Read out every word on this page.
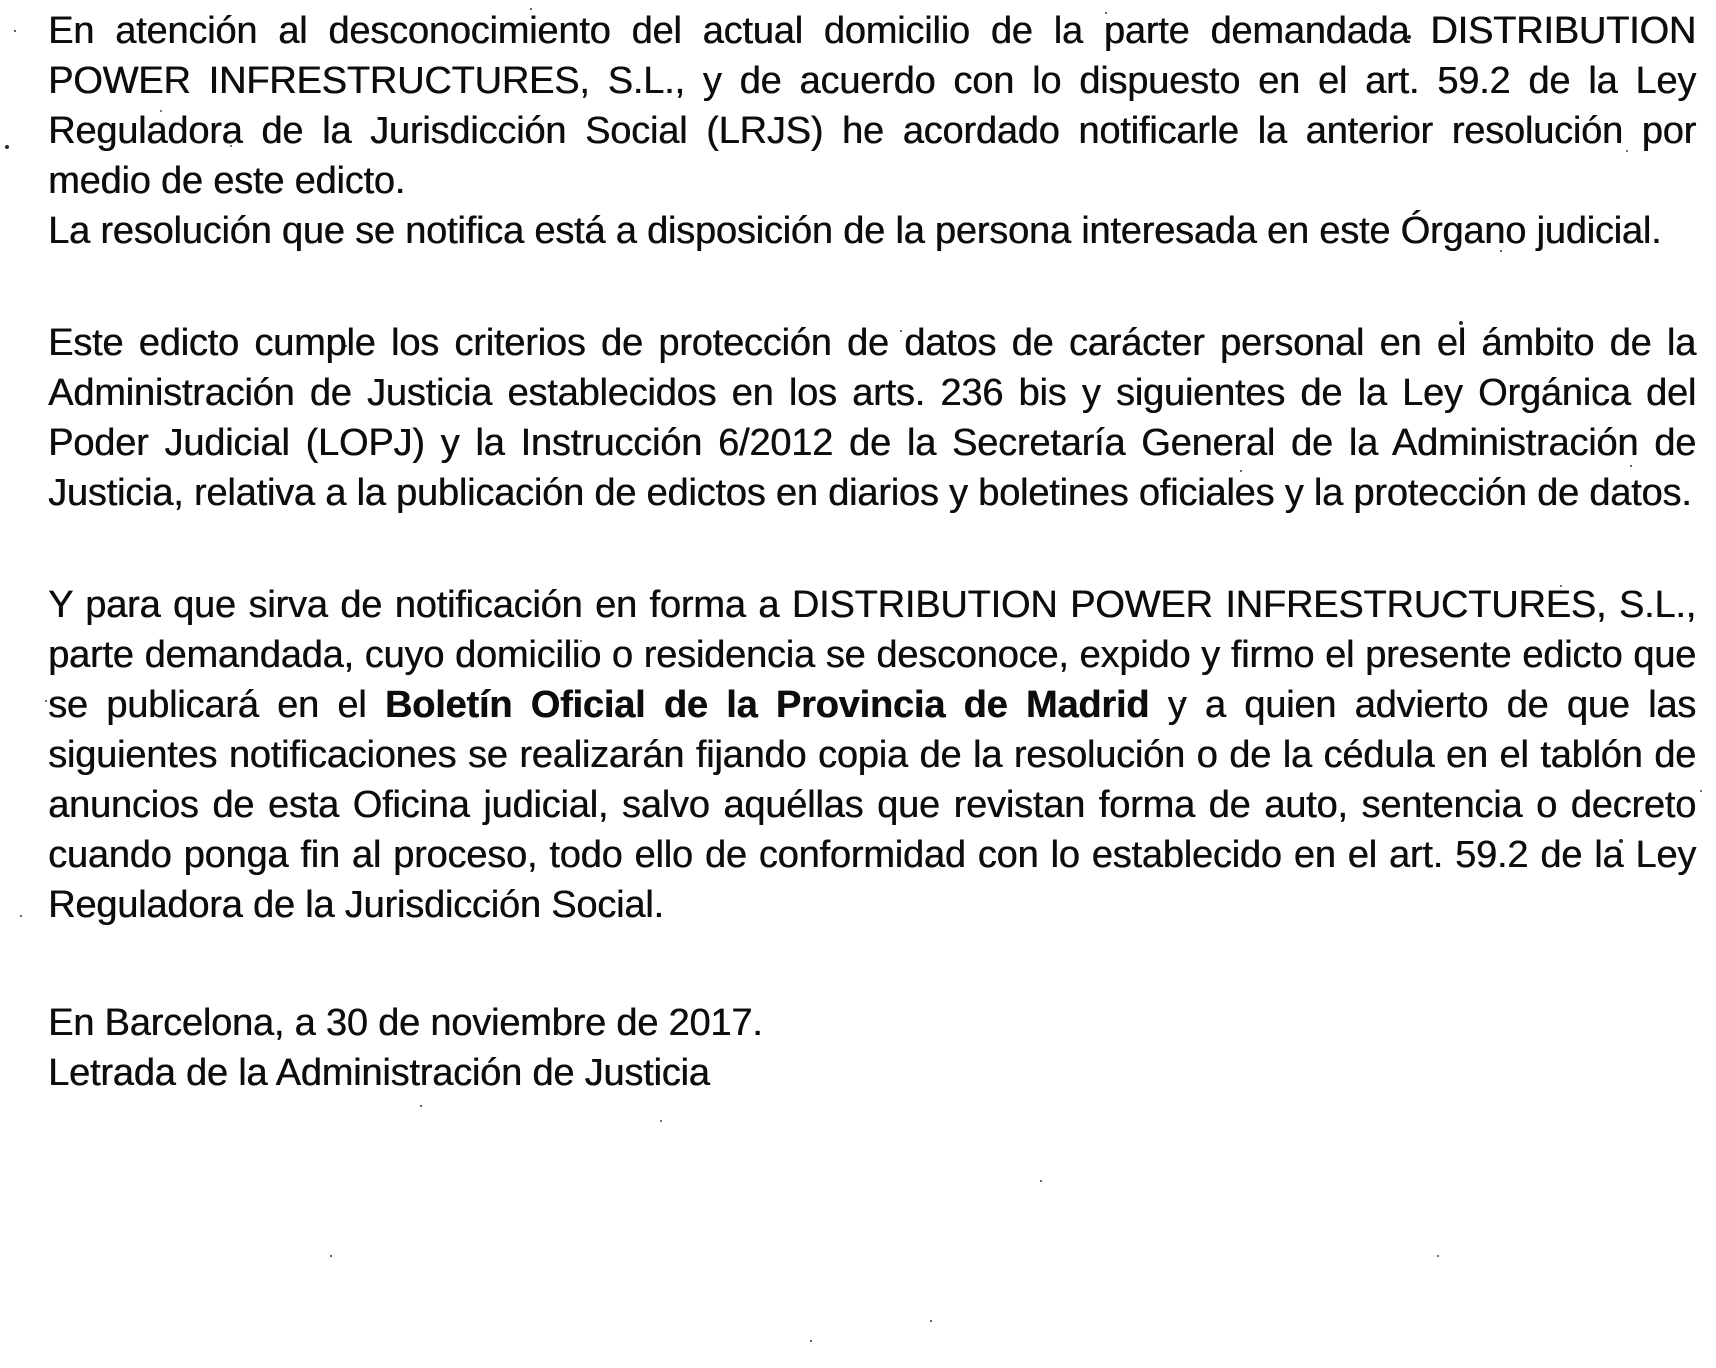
En atención al desconocimiento del actual domicilio de la parte demandada DISTRIBUTION POWER INFRESTRUCTURES, S.L., y de acuerdo con lo dispuesto en el art. 59.2 de la Ley Reguladora de la Jurisdicción Social (LRJS) he acordado notificarle la anterior resolución por medio de este edicto.

La resolución que se notifica está a disposición de la persona interesada en este Órgano judicial.

Este edicto cumple los criterios de protección de datos de carácter personal en el ámbito de la Administración de Justicia establecidos en los arts. 236 bis y siguientes de la Ley Orgánica del Poder Judicial (LOPJ) y la Instrucción 6/2012 de la Secretaría General de la Administración de Justicia, relativa a la publicación de edictos en diarios y boletines oficiales y la protección de datos.

Y para que sirva de notificación en forma a DISTRIBUTION POWER INFRESTRUCTURES, S.L., parte demandada, cuyo domicilio o residencia se desconoce, expido y firmo el presente edicto que se publicará en el Boletín Oficial de la Provincia de Madrid y a quien advierto de que las siguientes notificaciones se realizarán fijando copia de la resolución o de la cédula en el tablón de anuncios de esta Oficina judicial, salvo aquéllas que revistan forma de auto, sentencia o decreto cuando ponga fin al proceso, todo ello de conformidad con lo establecido en el art. 59.2 de la Ley Reguladora de la Jurisdicción Social.

En Barcelona, a 30 de noviembre de 2017.

Letrada de la Administración de Justicia
